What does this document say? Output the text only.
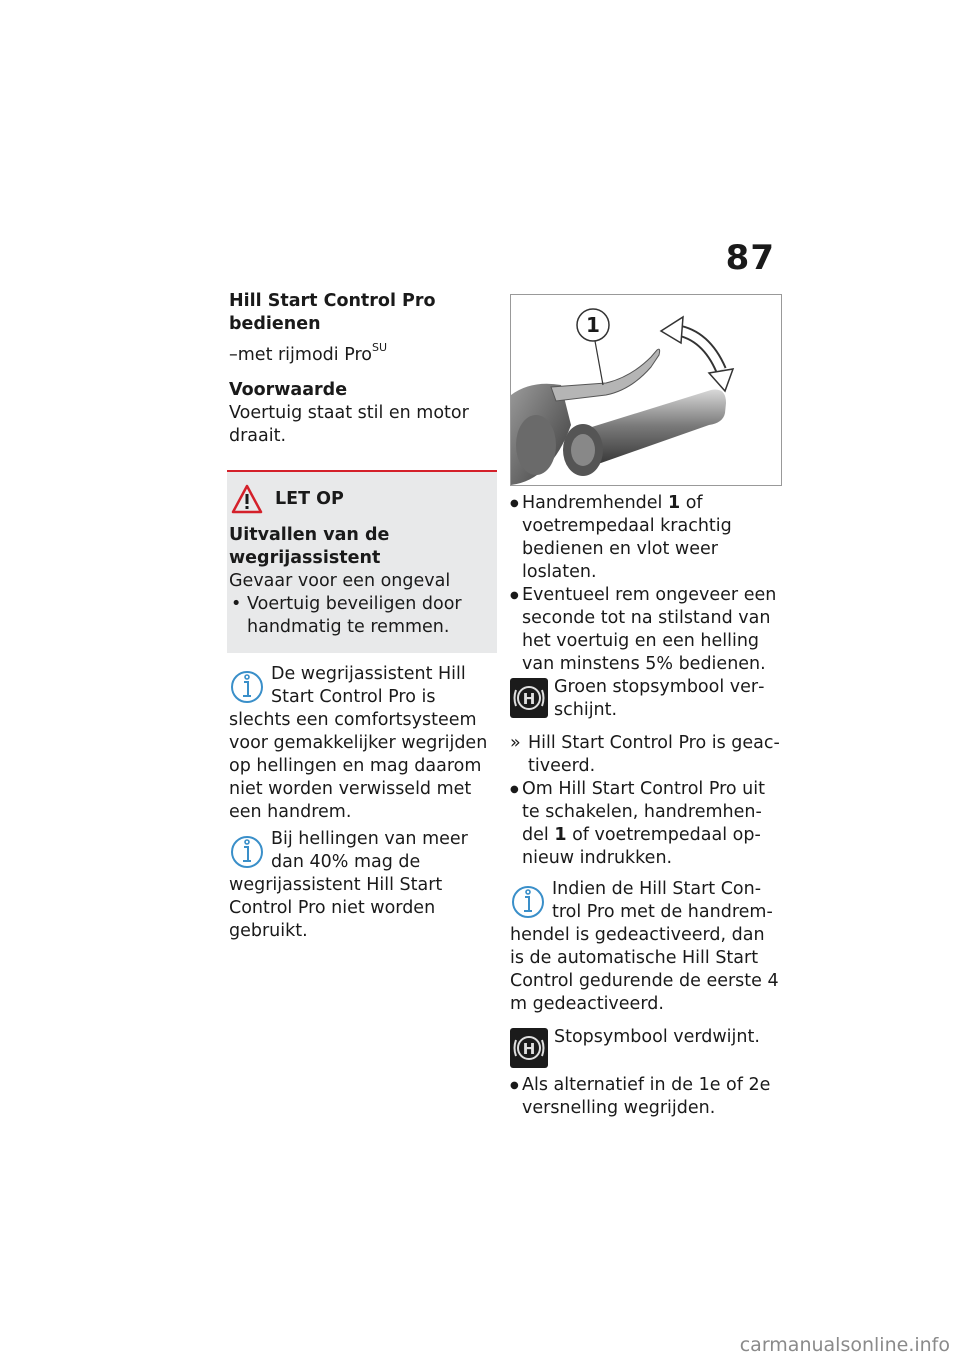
87
Hill Start Control Pro bedienen
–met rijmodi Pro$^{SU}$
Voorwaarde
Voertuig staat stil en motor draait.
LET OP
Uitvallen van de wegrijassistent
Gevaar voor een ongeval
• Voertuig beveiligen door handmatig te remmen.
De wegrijassistent Hill Start Control Pro is slechts een comfortsysteem voor gemakkelijker wegrijden op hellingen en mag daarom niet worden verwisseld met een handrem.
Bij hellingen van meer dan 40% mag de wegrijassistent Hill Start Control Pro niet worden gebruikt.
1
● Handremhendel 1 of voetrempedaal krachtig bedienen en vlot weer loslaten.
● Eventueel rem ongeveer een seconde tot na stilstand van het voertuig en een helling van minstens 5% bedienen.
H
Groen stopsymbool verschijnt.
» Hill Start Control Pro is geactiveerd.
● Om Hill Start Control Pro uit te schakelen, handremhendel 1 of voetrempedaal opnieuw indrukken.
Indien de Hill Start Control Pro met de handremhendel is gedeactiveerd, dan is de automatische Hill Start Control gedurende de eerste 4 m gedeactiveerd.
H
Stopsymbool verdwijnt.
● Als alternatief in de 1e of 2e versnelling wegrijden.
carmanualsonline.info
